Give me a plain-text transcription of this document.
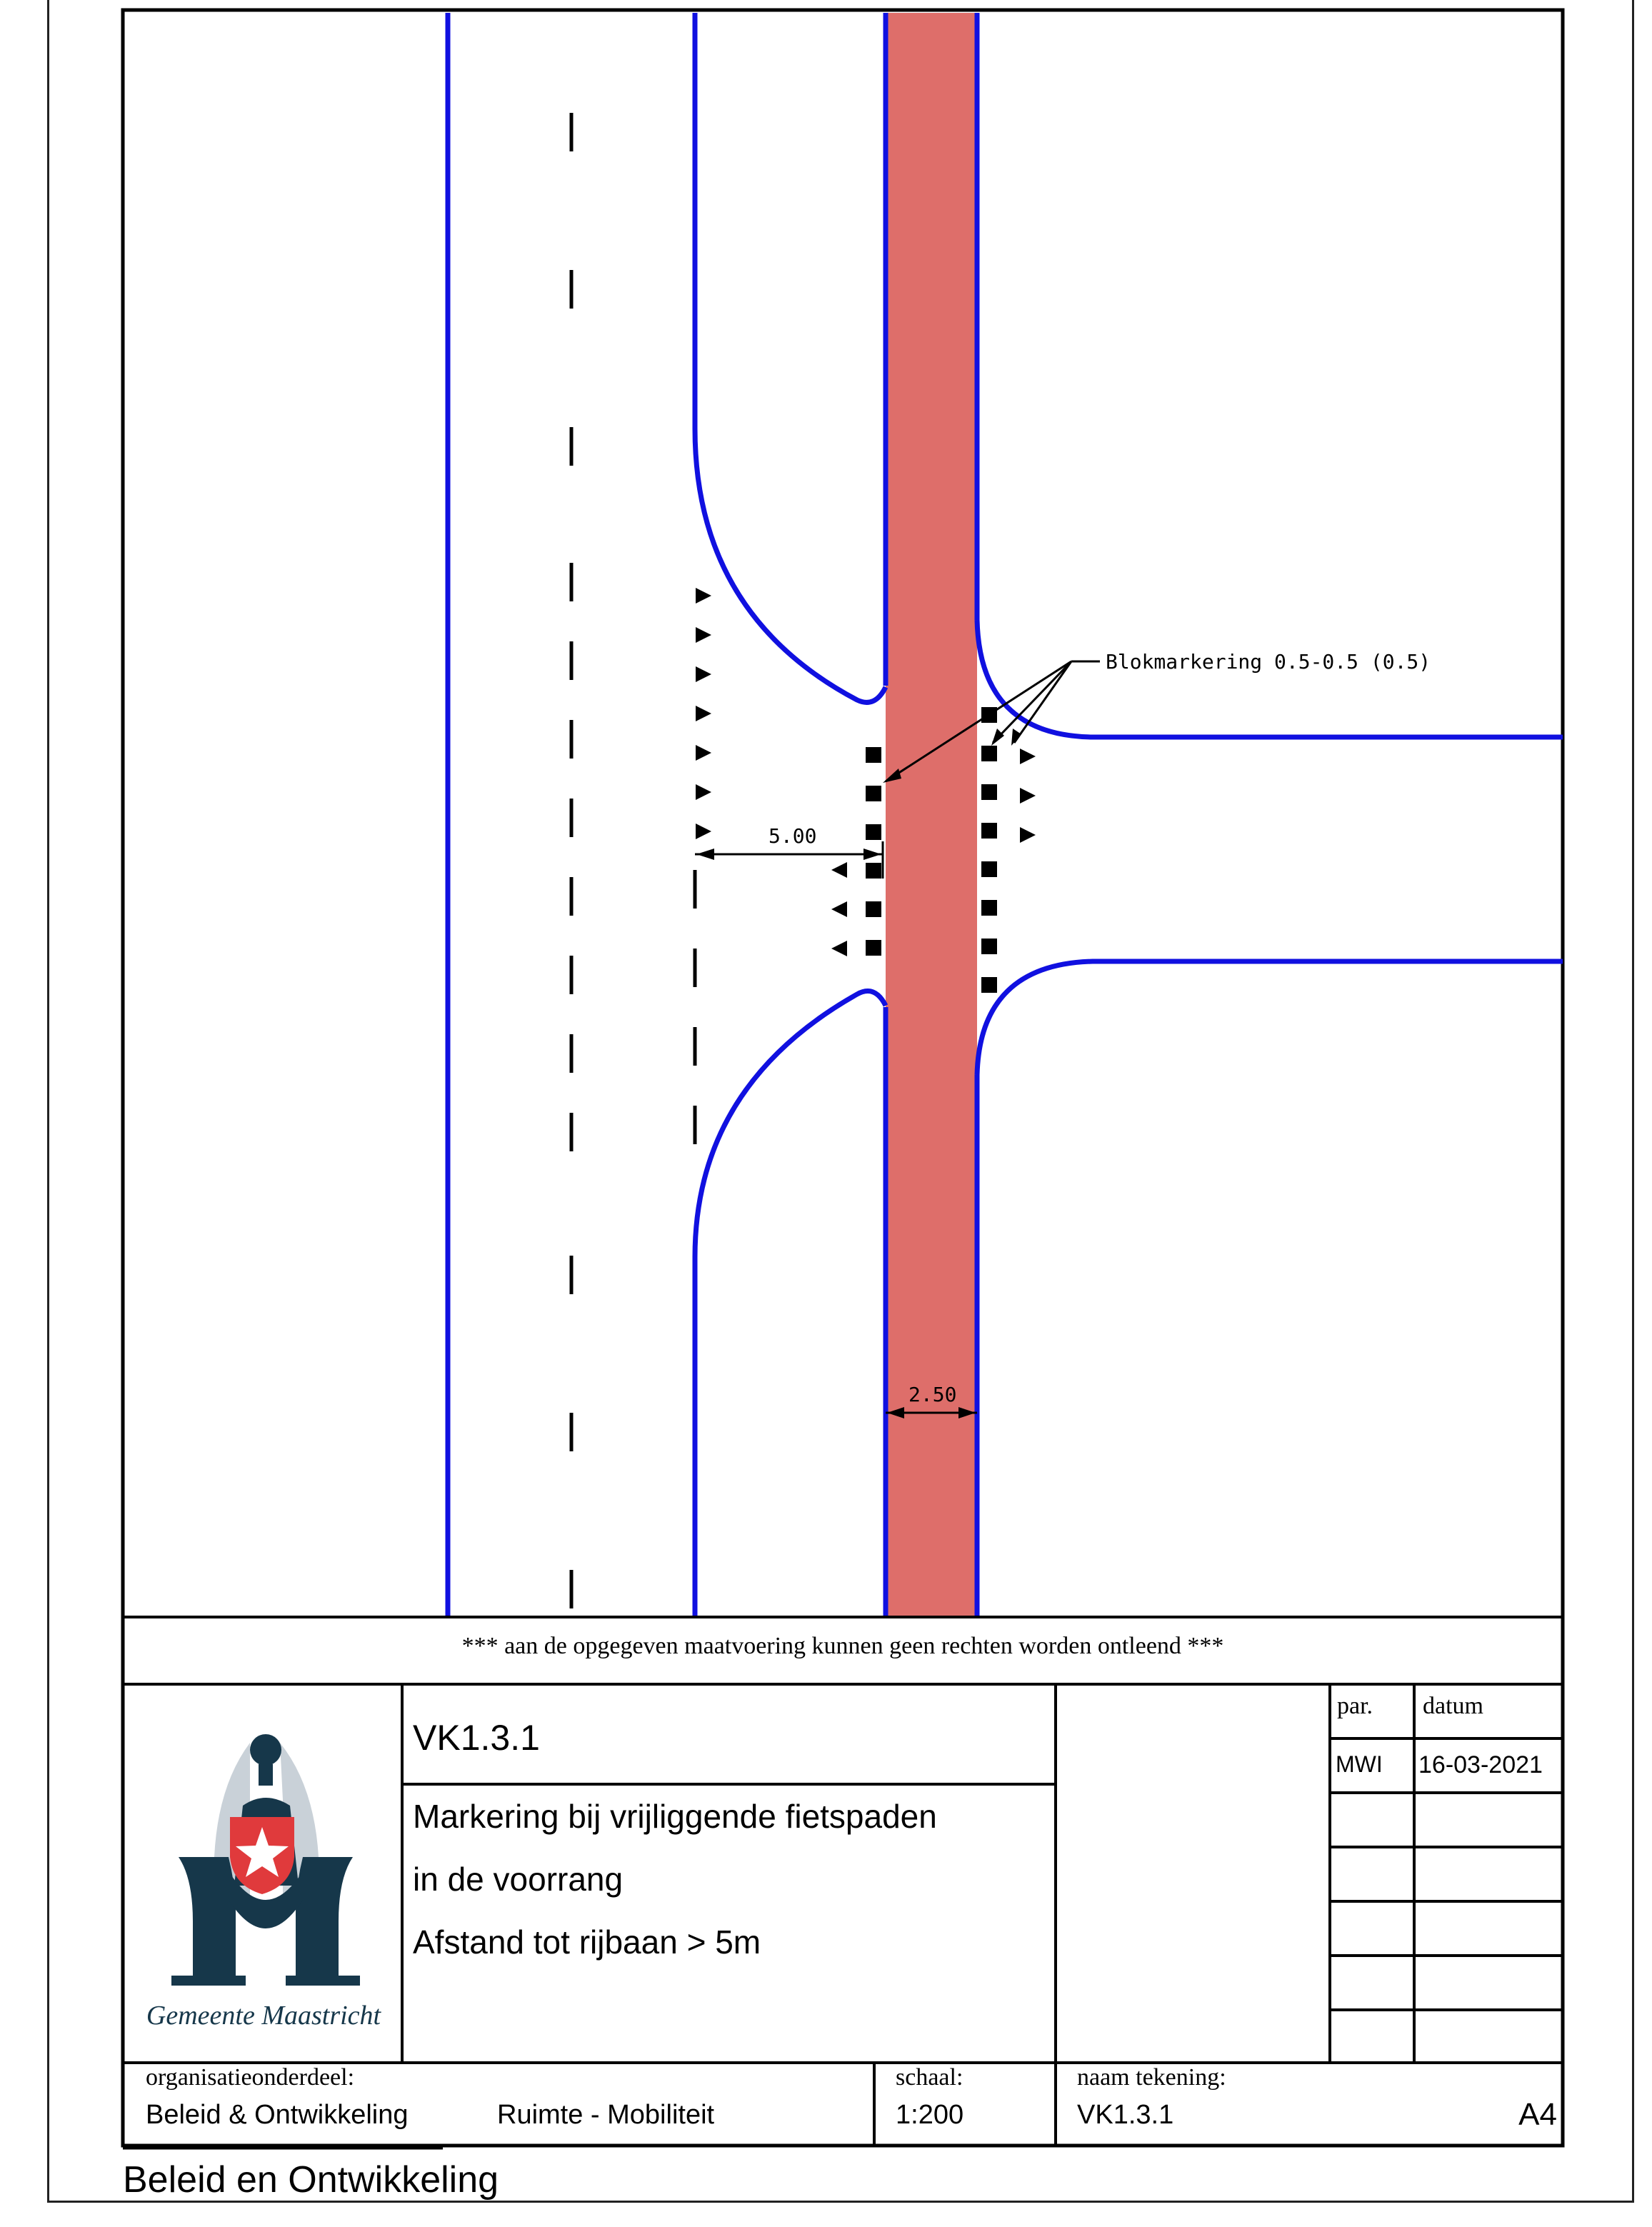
Blokmarkering 0.5-0.5 (0.5)
5.00
2.50
*** aan de opgegeven maatvoering kunnen geen rechten worden ontleend ***
Gemeente Maastricht
VK1.3.1
Markering bij vrijliggende fietspaden
in de voorrang
Afstand tot rijbaan > 5m
par. datum
MWI 16-03-2021
organisatieonderdeel:
Beleid & Ontwikkeling	Ruimte - Mobiliteit
schaal:
1:200
naam tekening:
VK1.3.1	A4
Beleid en Ontwikkeling
